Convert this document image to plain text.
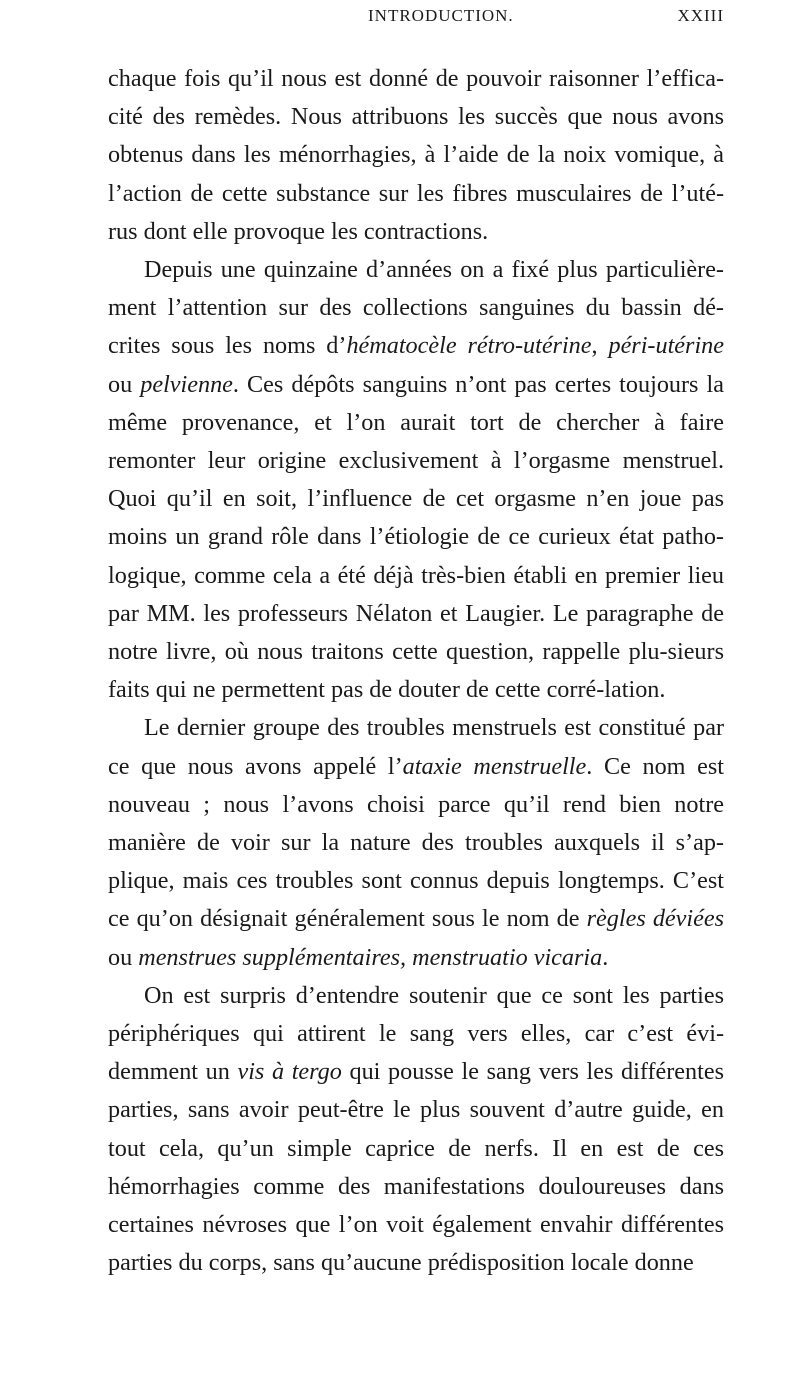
INTRODUCTION.	XXIII

chaque fois qu’il nous est donné de pouvoir raisonner l’effica-cité des remèdes. Nous attribuons les succès que nous avons obtenus dans les ménorrhagies, à l’aide de la noix vomique, à l’action de cette substance sur les fibres musculaires de l’uté-rus dont elle provoque les contractions.

Depuis une quinzaine d’années on a fixé plus particulière-ment l’attention sur des collections sanguines du bassin dé-crites sous les noms d’hématocèle rétro-utérine, péri-utérine ou pelvienne. Ces dépôts sanguins n’ont pas certes toujours la même provenance, et l’on aurait tort de chercher à faire remonter leur origine exclusivement à l’orgasme menstruel. Quoi qu’il en soit, l’influence de cet orgasme n’en joue pas moins un grand rôle dans l’étiologie de ce curieux état patho-logique, comme cela a été déjà très-bien établi en premier lieu par MM. les professeurs Nélaton et Laugier. Le paragraphe de notre livre, où nous traitons cette question, rappelle plu-sieurs faits qui ne permettent pas de douter de cette corré-lation.

Le dernier groupe des troubles menstruels est constitué par ce que nous avons appelé l’ataxie menstruelle. Ce nom est nouveau ; nous l’avons choisi parce qu’il rend bien notre manière de voir sur la nature des troubles auxquels il s’ap-plique, mais ces troubles sont connus depuis longtemps. C’est ce qu’on désignait généralement sous le nom de règles déviées ou menstrues supplémentaires, menstruatio vicaria.

On est surpris d’entendre soutenir que ce sont les parties périphériques qui attirent le sang vers elles, car c’est évi-demment un vis à tergo qui pousse le sang vers les différentes parties, sans avoir peut-être le plus souvent d’autre guide, en tout cela, qu’un simple caprice de nerfs. Il en est de ces hémorrhagies comme des manifestations douloureuses dans certaines névroses que l’on voit également envahir différentes parties du corps, sans qu’aucune prédisposition locale donne
